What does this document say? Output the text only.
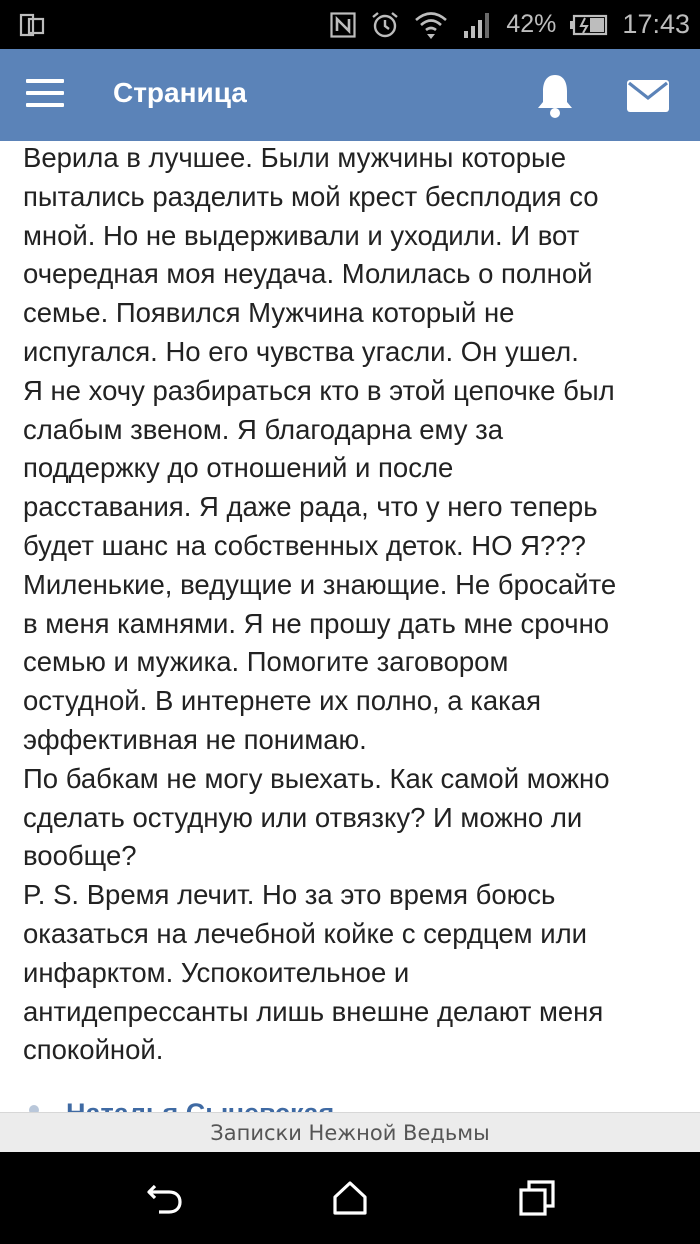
42% 17:43
Страница
Верила в лучшее. Были мужчины которые
пытались разделить мой крест бесплодия со
мной. Но не выдерживали и уходили. И вот
очередная моя неудача. Молилась о полной
семье. Появился Мужчина который не
испугался. Но его чувства угасли. Он ушел.
Я не хочу разбираться кто в этой цепочке был
слабым звеном. Я благодарна ему за
поддержку до отношений и после
расставания. Я даже рада, что у него теперь
будет шанс на собственных деток. НО Я???
Миленькие, ведущие и знающие. Не бросайте
в меня камнями. Я не прошу дать мне срочно
семью и мужика. Помогите заговором
остудной. В интернете их полно, а какая
эффективная не понимаю.
По бабкам не могу выехать. Как самой можно
сделать остудную или отвязку? И можно ли
вообще?
P. S. Время лечит. Но за это время боюсь
оказаться на лечебной койке с сердцем или
инфарктом. Успокоительное и
антидепрессанты лишь внешне делают меня
спокойной.
Записки Нежной Ведьмы
